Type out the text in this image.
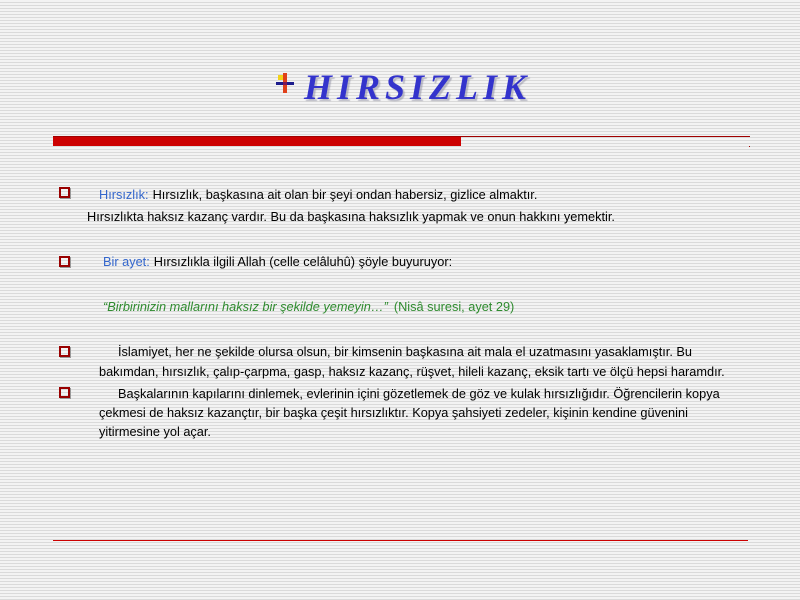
HIRSIZLIK
Hırsızlık: Hırsızlık, başkasına ait olan bir şeyi ondan habersiz, gizlice almaktır.
Hırsızlıkta haksız kazanç vardır. Bu da başkasına haksızlık yapmak ve onun hakkını yemektir.
Bir ayet: Hırsızlıkla ilgili Allah (celle celâluhû) şöyle buyuruyor:
“Birbirinizin mallarını haksız bir şekilde yemeyin…” (Nisâ suresi, ayet 29)
İslamiyet, her ne şekilde olursa olsun, bir kimsenin başkasına ait mala el uzatmasını yasaklamıştır. Bu
bakımdan, hırsızlık, çalıp-çarpma, gasp, haksız kazanç, rüşvet, hileli kazanç, eksik tartı ve ölçü hepsi haramdır.
Başkalarının kapılarını dinlemek, evlerinin içini gözetlemek de göz ve kulak hırsızlığıdır. Öğrencilerin kopya
çekmesi de haksız kazançtır, bir başka çeşit hırsızlıktır. Kopya şahsiyeti zedeler, kişinin kendine güvenini
yitirmesine yol açar.
